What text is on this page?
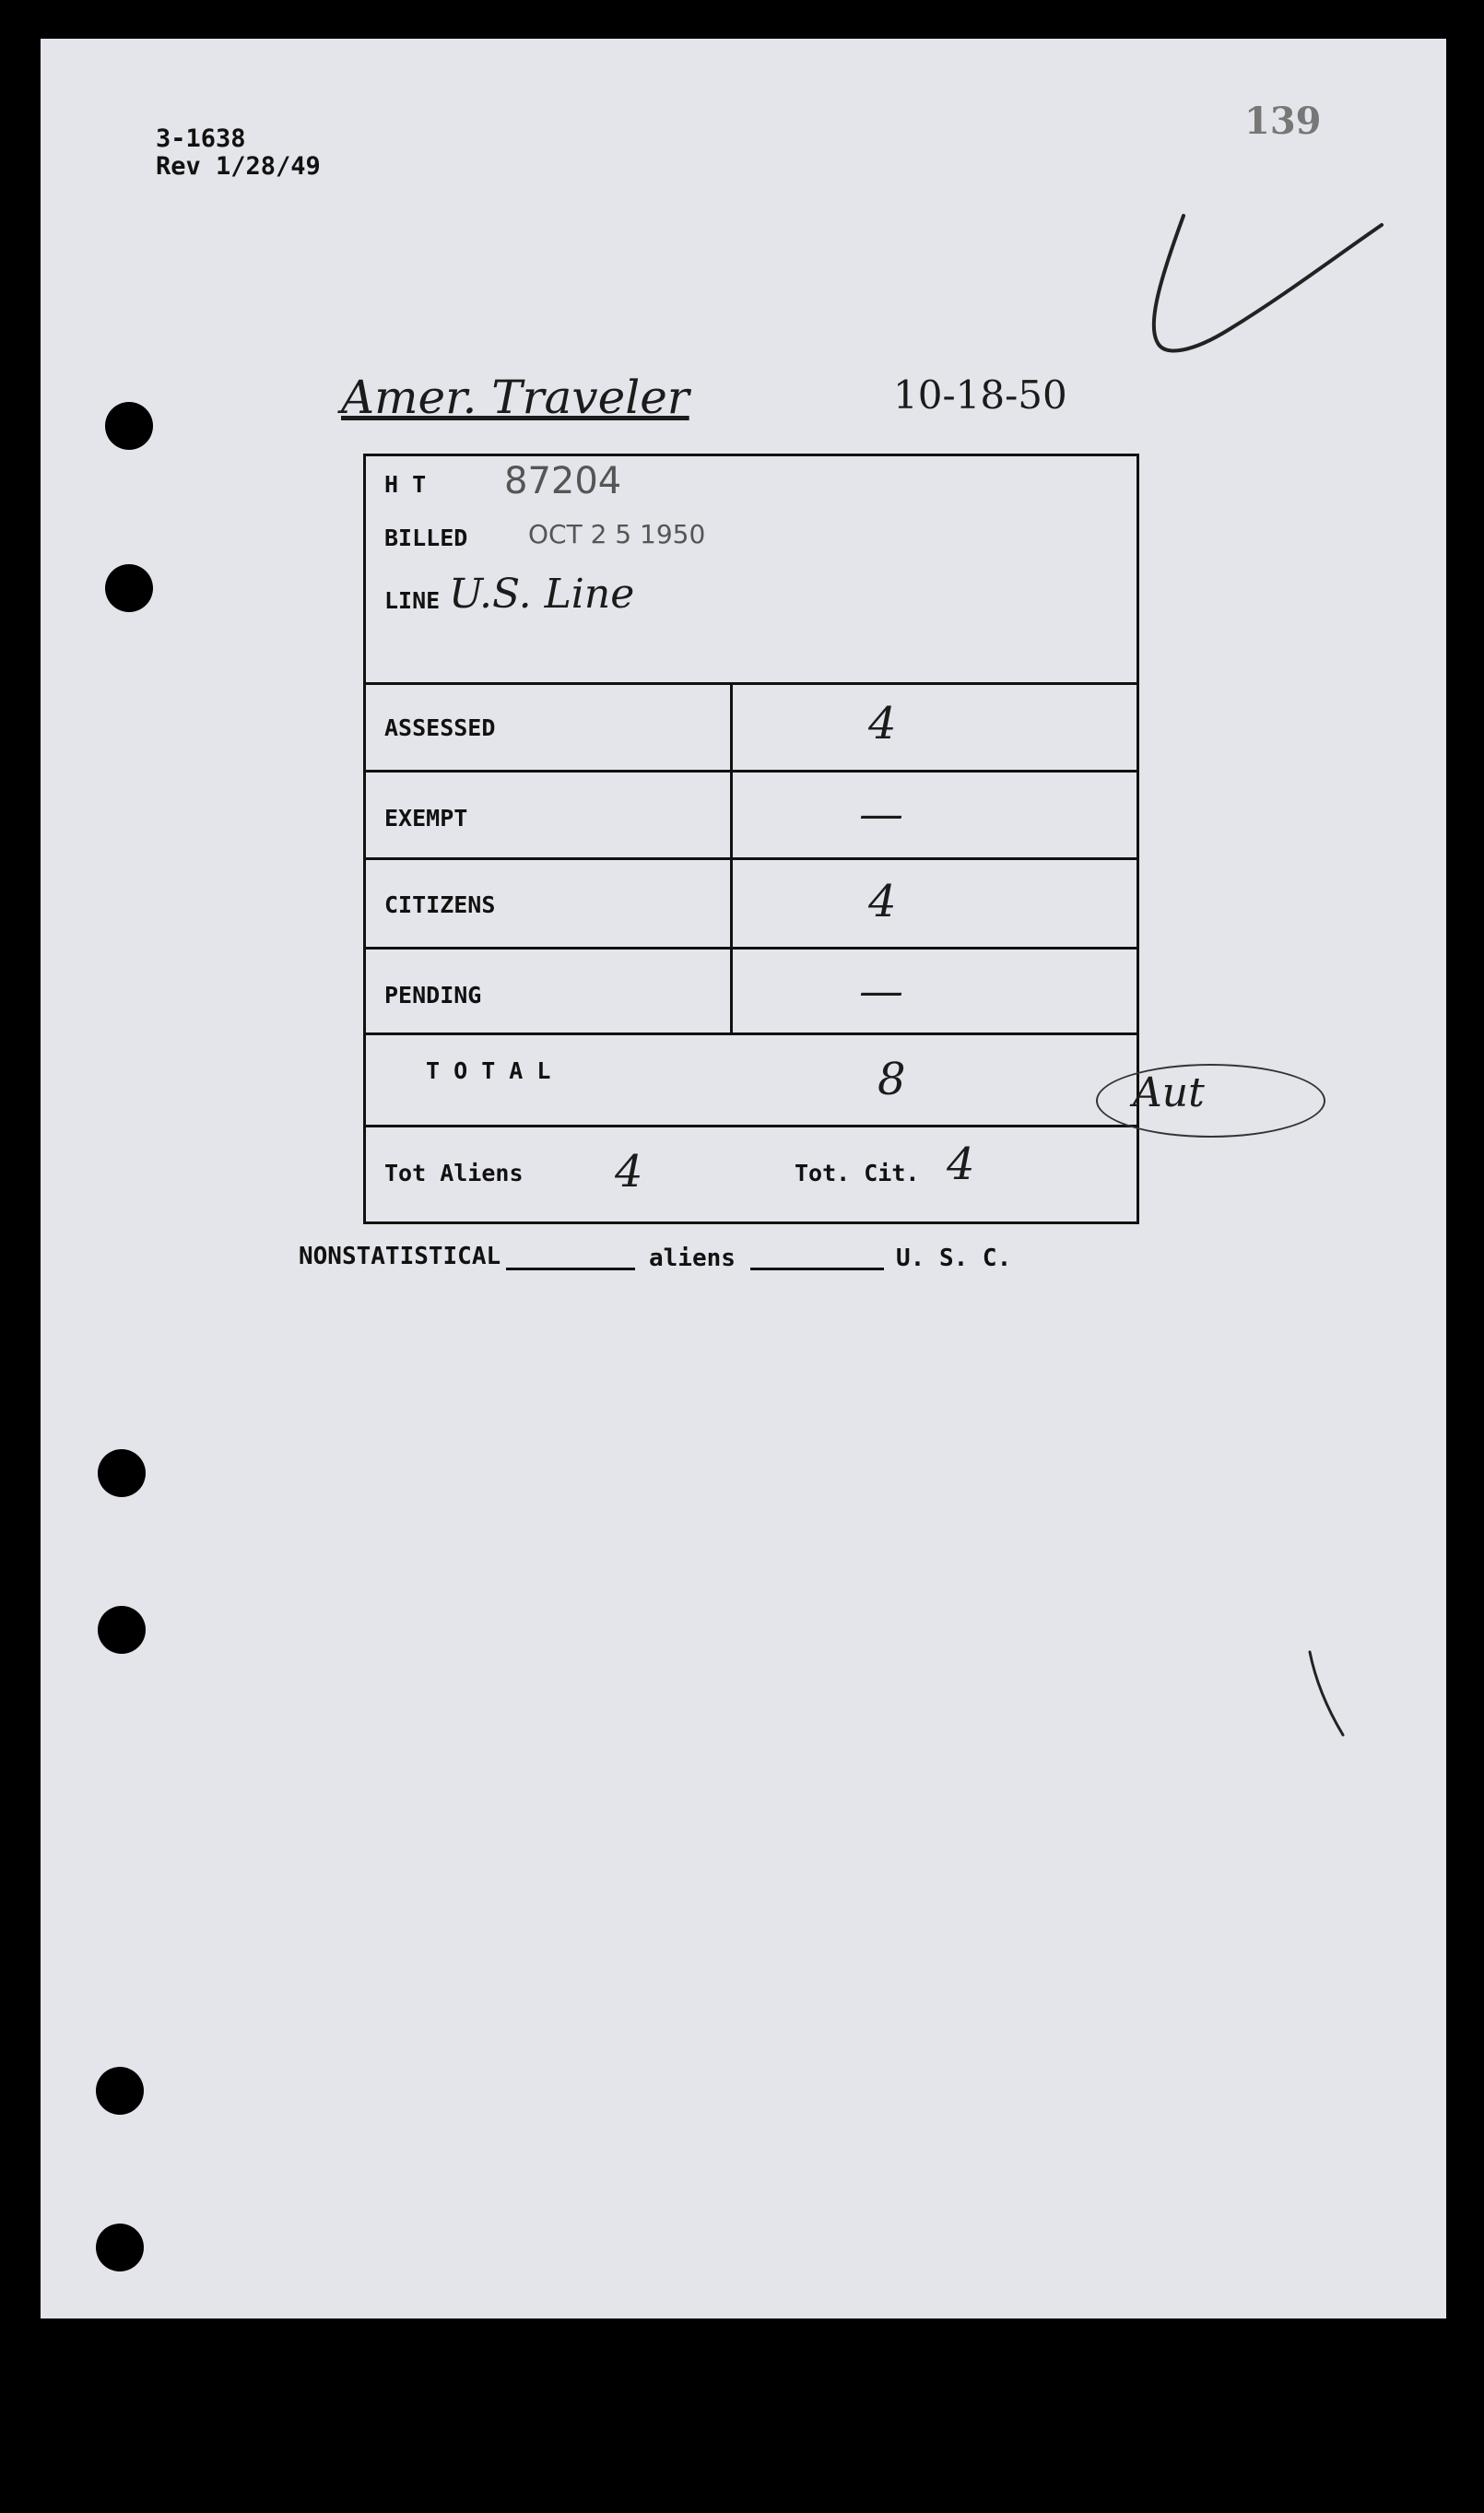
3-1638
Rev 1/28/49
139
Amer. Traveler	10-18-50
H T 87204
BILLED OCT 2 5 1950
LINE U.S. Line
ASSESSED	4
EXEMPT	—
CITIZENS	4
PENDING	—
T O T A L	8
Tot Aliens 4	Tot. Cit. 4
Aut
NONSTATISTICAL	aliens	U. S. C.
